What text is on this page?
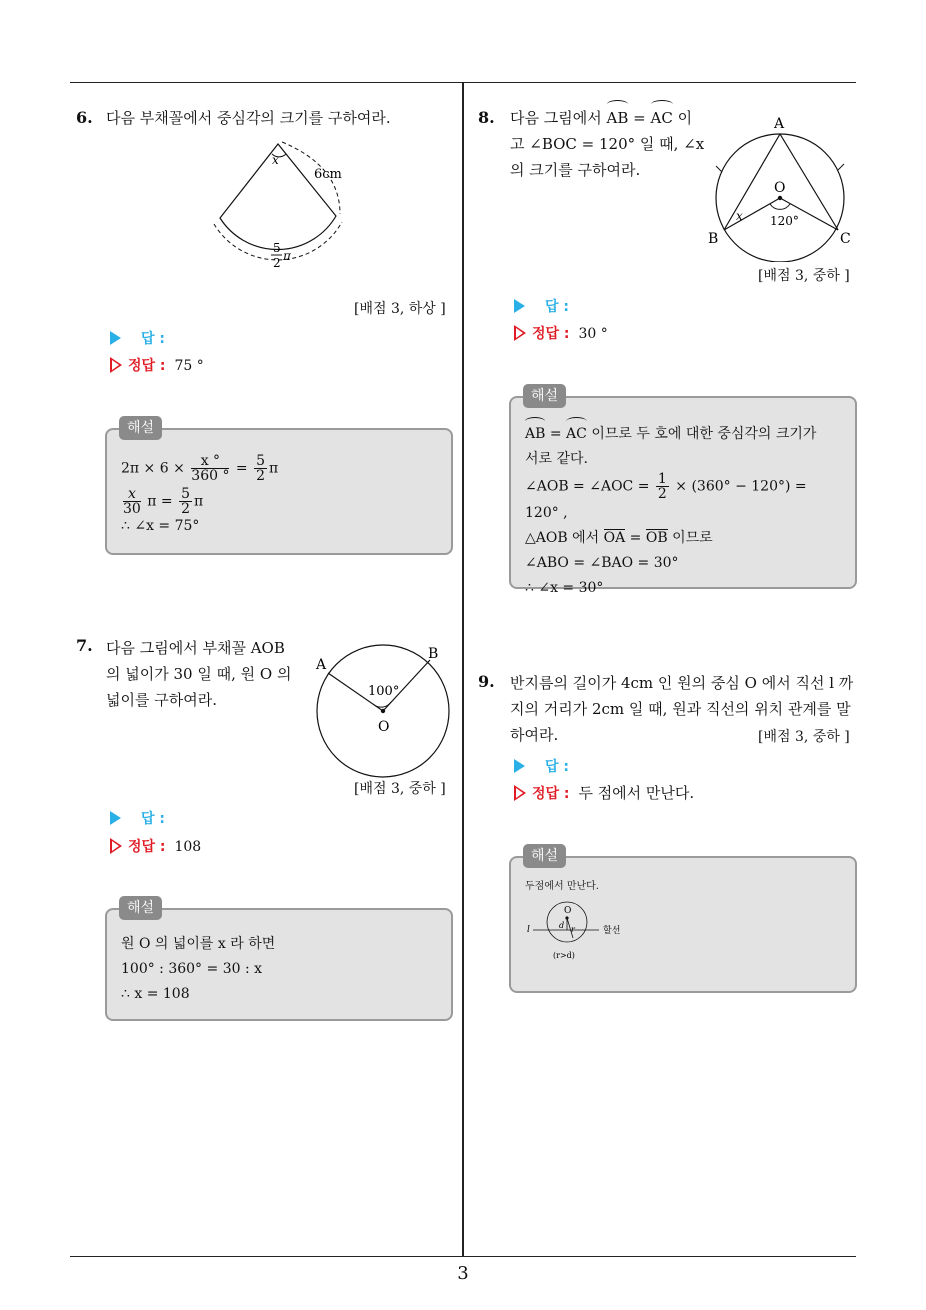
3
6. 다음 부채꼴에서 중심각의 크기를 구하여라.
x
6cm
5
2 π
[배점 3, 하상 ]
답 :
정답 : 75 °
해설
$2\pi \times 6 \times \frac{x ^\circ}{360 ^\circ} = \frac{5}{2}$ π
$\frac{x}{30}$ $\pi = \frac{5}{2}$ π
∴ ∠x = 75°
7. 다음 그림에서 부채꼴 AOB
의 넓이가 30 일 때, 원 O 의
넓이를 구하여라.
A
B
100°
O
[배점 3, 중하 ]
답 :
정답 : 108
해설
원 O 의 넓이를 x 라 하면
100° : 360° = 30 : x
∴ x = 108
8. 다음 그림에서 AB = AC 이
고 ∠BOC = 120° 일 때, ∠x
의 크기를 구하여라.
A
O
B	C
x 120°
[배점 3, 중하 ]
답 :
정답 : 30 °
해설
AB = AC 이므로 두 호에 대한 중심각의 크기가
서로 같다.
∠AOB = ∠AOC = $\frac{1}{2} \times (360^\circ - 120^\circ) = 120^\circ$ ,
△AOB 에서 OA = OB 이므로
∠ABO = ∠BAO = 30°
∴ ∠x = 30°
9. 반지름의 길이가 4cm 인 원의 중심 O 에서 직선 l 까
지의 거리가 2cm 일 때, 원과 직선의 위치 관계를 말
하여라.	[배점 3, 중하 ]
답 :
정답 : 두 점에서 만난다.
해설
두점에서 만난다.
O
l	d r	할선
(r>d)
